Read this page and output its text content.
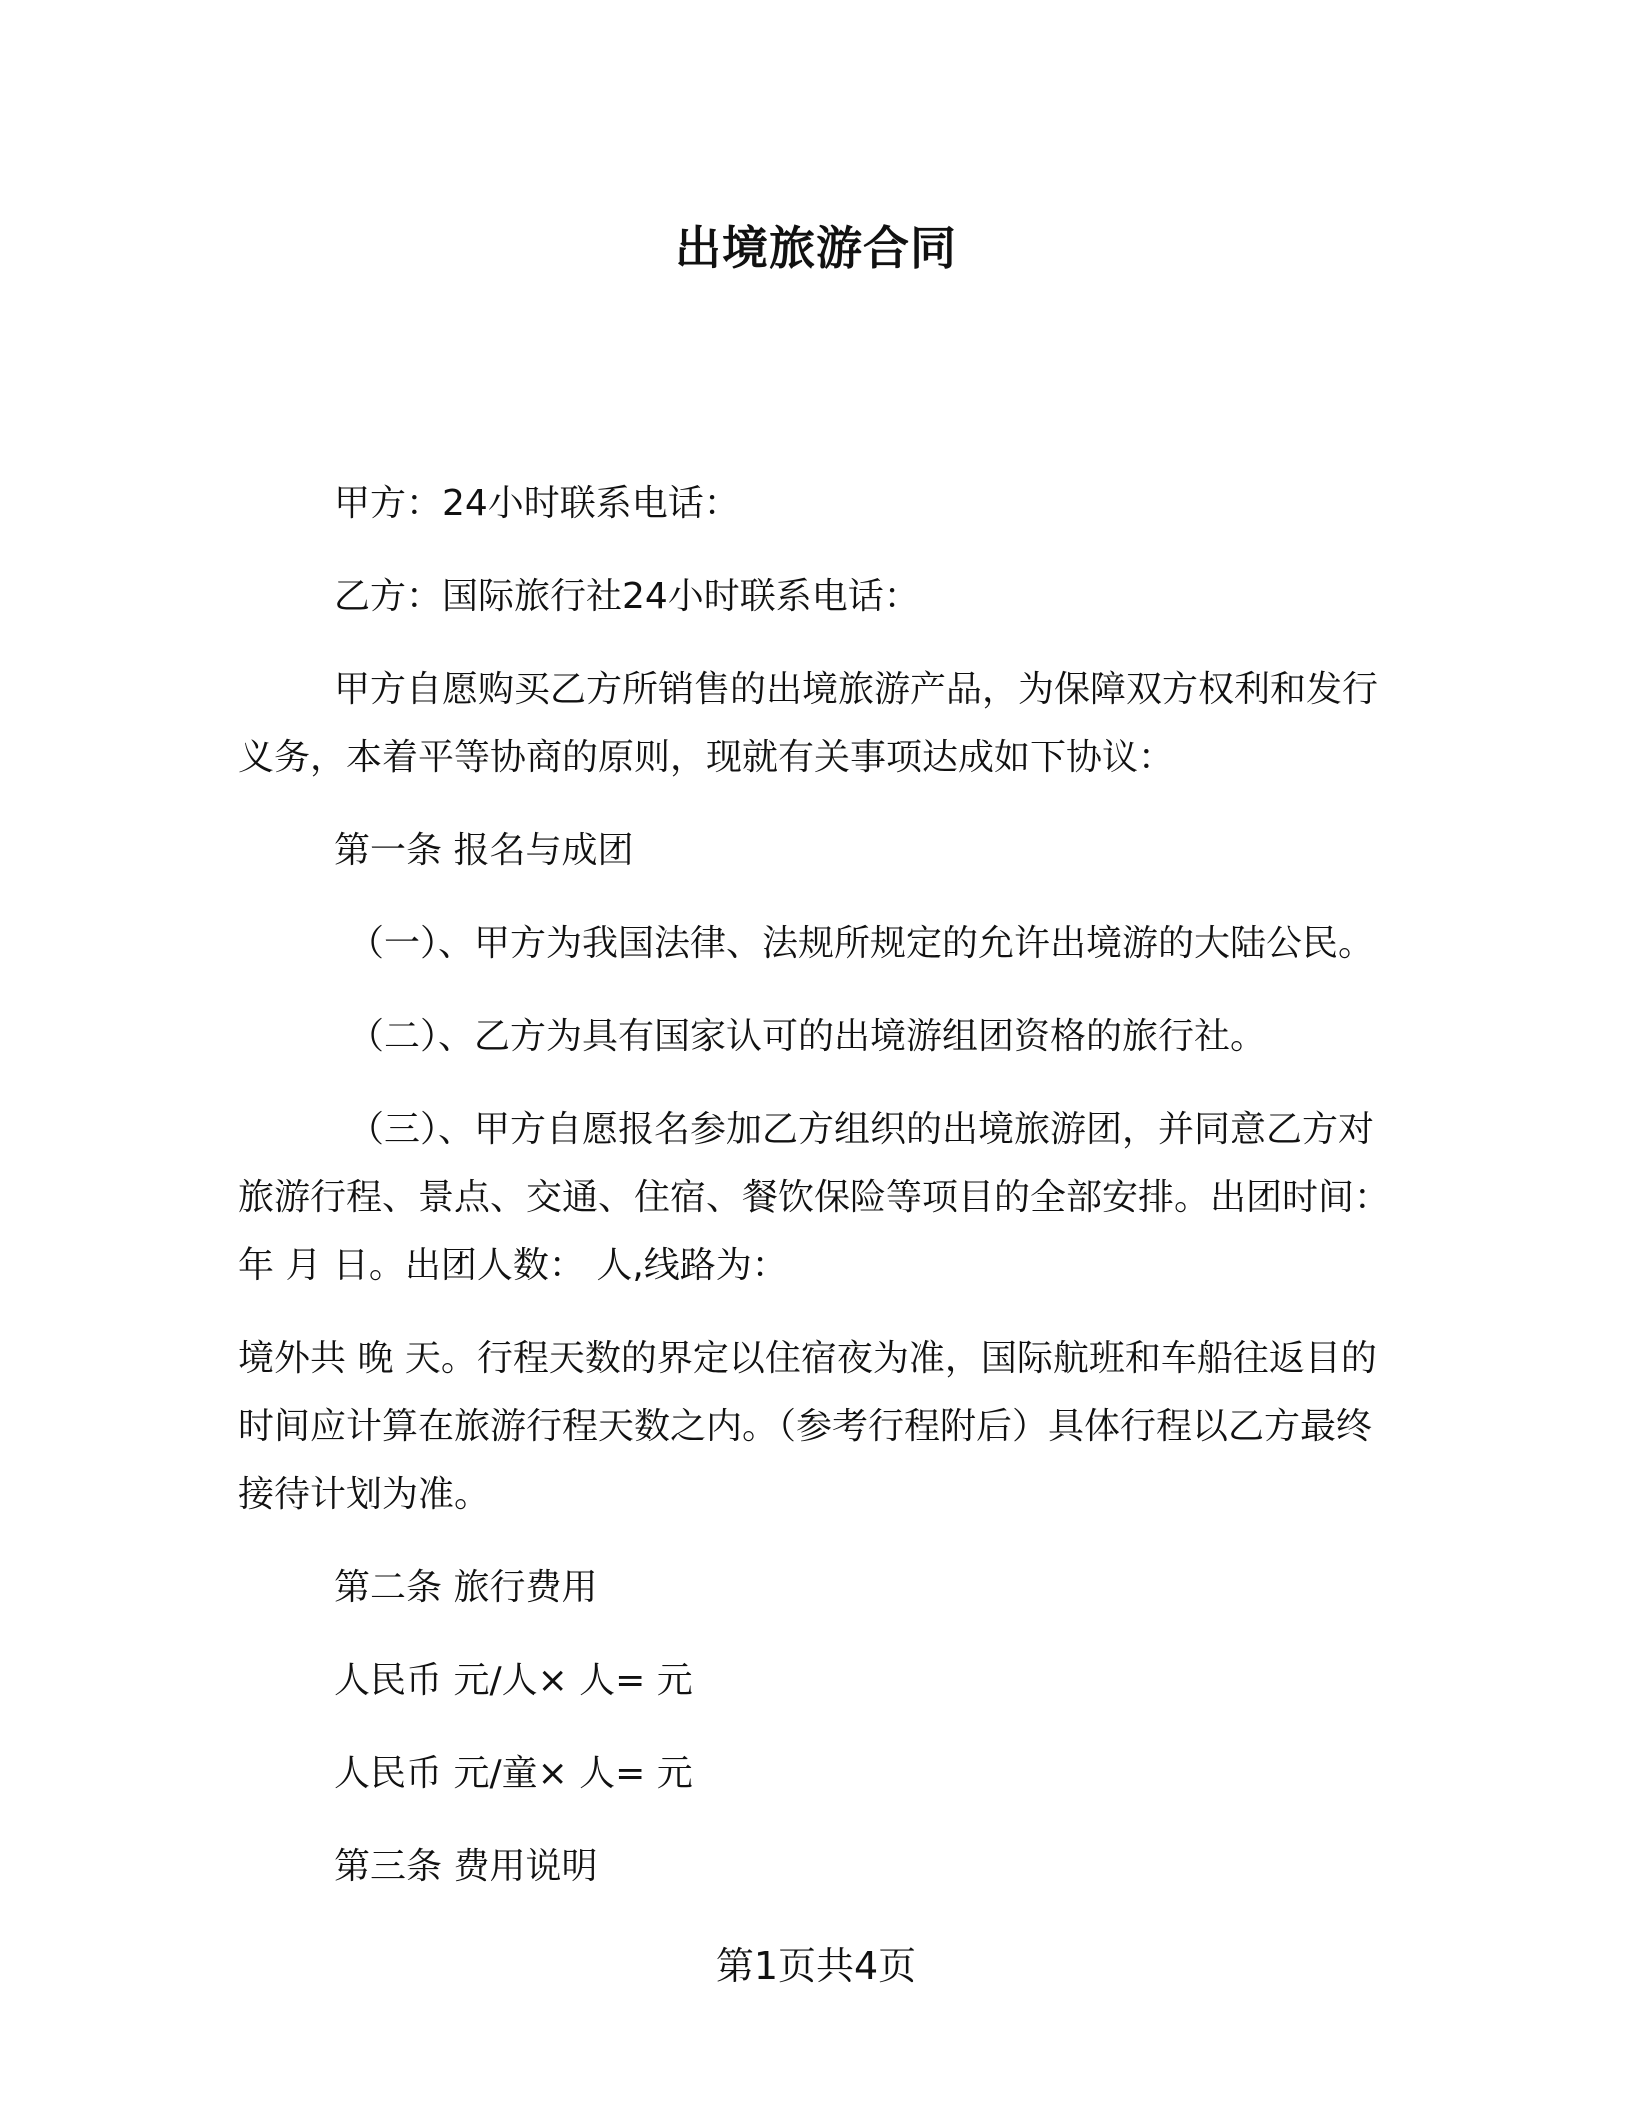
出境旅游合同

甲方：24小时联系电话：

乙方：国际旅行社24小时联系电话：

甲方自愿购买乙方所销售的出境旅游产品，为保障双方权利和发行义务，本着平等协商的原则，现就有关事项达成如下协议：

第一条 报名与成团

（一）、甲方为我国法律、法规所规定的允许出境游的大陆公民。

（二）、乙方为具有国家认可的出境游组团资格的旅行社。

（三）、甲方自愿报名参加乙方组织的出境旅游团，并同意乙方对旅游行程、景点、交通、住宿、餐饮保险等项目的全部安排。出团时间： 年 月 日。出团人数： 人,线路为：

境外共 晚 天。行程天数的界定以住宿夜为准，国际航班和车船往返目的时间应计算在旅游行程天数之内。（参考行程附后）具体行程以乙方最终接待计划为准。

第二条 旅行费用

人民币 元/人× 人= 元

人民币 元/童× 人= 元

第三条 费用说明

第1页共4页
